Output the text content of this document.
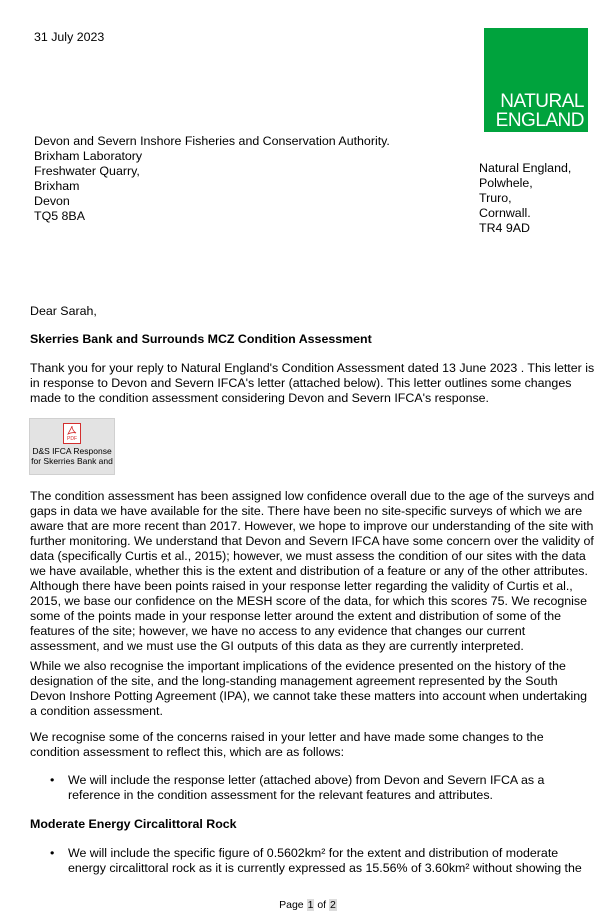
31 July 2023
NATURAL
ENGLAND
Devon and Severn Inshore Fisheries and Conservation Authority.
Brixham Laboratory
Freshwater Quarry,
Brixham
Devon
TQ5 8BA
Natural England,
Polwhele,
Truro,
Cornwall.
TR4 9AD
Dear Sarah,
Skerries Bank and Surrounds MCZ Condition Assessment
Thank you for your reply to Natural England's Condition Assessment dated 13 June 2023 . This letter is
in response to Devon and Severn IFCA's letter (attached below). This letter outlines some changes
made to the condition assessment considering Devon and Severn IFCA's response.
PDF
D&S IFCA Response
for Skerries Bank and
The condition assessment has been assigned low confidence overall due to the age of the surveys and
gaps in data we have available for the site. There have been no site-specific surveys of which we are
aware that are more recent than 2017. However, we hope to improve our understanding of the site with
further monitoring. We understand that Devon and Severn IFCA have some concern over the validity of
data (specifically Curtis et al., 2015); however, we must assess the condition of our sites with the data
we have available, whether this is the extent and distribution of a feature or any of the other attributes.
Although there have been points raised in your response letter regarding the validity of Curtis et al.,
2015, we base our confidence on the MESH score of the data, for which this scores 75. We recognise
some of the points made in your response letter around the extent and distribution of some of the
features of the site; however, we have no access to any evidence that changes our current
assessment, and we must use the GI outputs of this data as they are currently interpreted.
While we also recognise the important implications of the evidence presented on the history of the
designation of the site, and the long-standing management agreement represented by the South
Devon Inshore Potting Agreement (IPA), we cannot take these matters into account when undertaking
a condition assessment.
We recognise some of the concerns raised in your letter and have made some changes to the
condition assessment to reflect this, which are as follows:
• We will include the response letter (attached above) from Devon and Severn IFCA as a
reference in the condition assessment for the relevant features and attributes.
Moderate Energy Circalittoral Rock
• We will include the specific figure of 0.5602km² for the extent and distribution of moderate
energy circalittoral rock as it is currently expressed as 15.56% of 3.60km² without showing the
Page 1 of 2
